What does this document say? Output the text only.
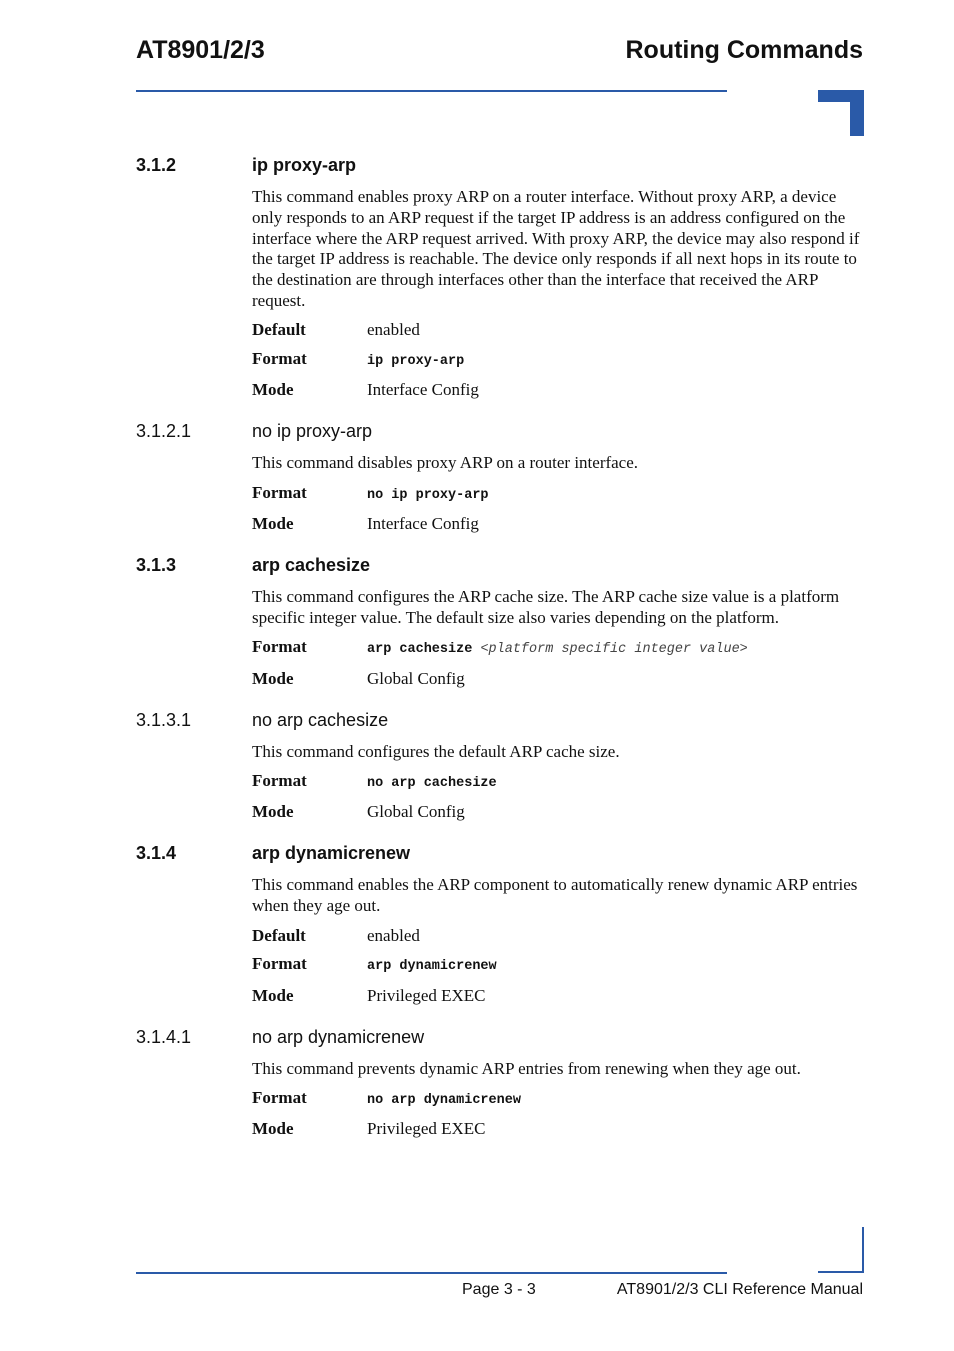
AT8901/2/3	Routing Commands
3.1.2	ip proxy-arp
This command enables proxy ARP on a router interface. Without proxy ARP, a device only responds to an ARP request if the target IP address is an address configured on the interface where the ARP request arrived. With proxy ARP, the device may also respond if the target IP address is reachable. The device only responds if all next hops in its route to the destination are through interfaces other than the interface that received the ARP request.
Default	enabled
Format	ip proxy-arp
Mode	Interface Config
3.1.2.1	no ip proxy-arp
This command disables proxy ARP on a router interface.
Format	no ip proxy-arp
Mode	Interface Config
3.1.3	arp cachesize
This command configures the ARP cache size. The ARP cache size value is a platform specific integer value. The default size also varies depending on the platform.
Format	arp cachesize <platform specific integer value>
Mode	Global Config
3.1.3.1	no arp cachesize
This command configures the default ARP cache size.
Format	no arp cachesize
Mode	Global Config
3.1.4	arp dynamicrenew
This command enables the ARP component to automatically renew dynamic ARP entries when they age out.
Default	enabled
Format	arp dynamicrenew
Mode	Privileged EXEC
3.1.4.1	no arp dynamicrenew
This command prevents dynamic ARP entries from renewing when they age out.
Format	no arp dynamicrenew
Mode	Privileged EXEC
Page 3 - 3	AT8901/2/3 CLI Reference Manual
